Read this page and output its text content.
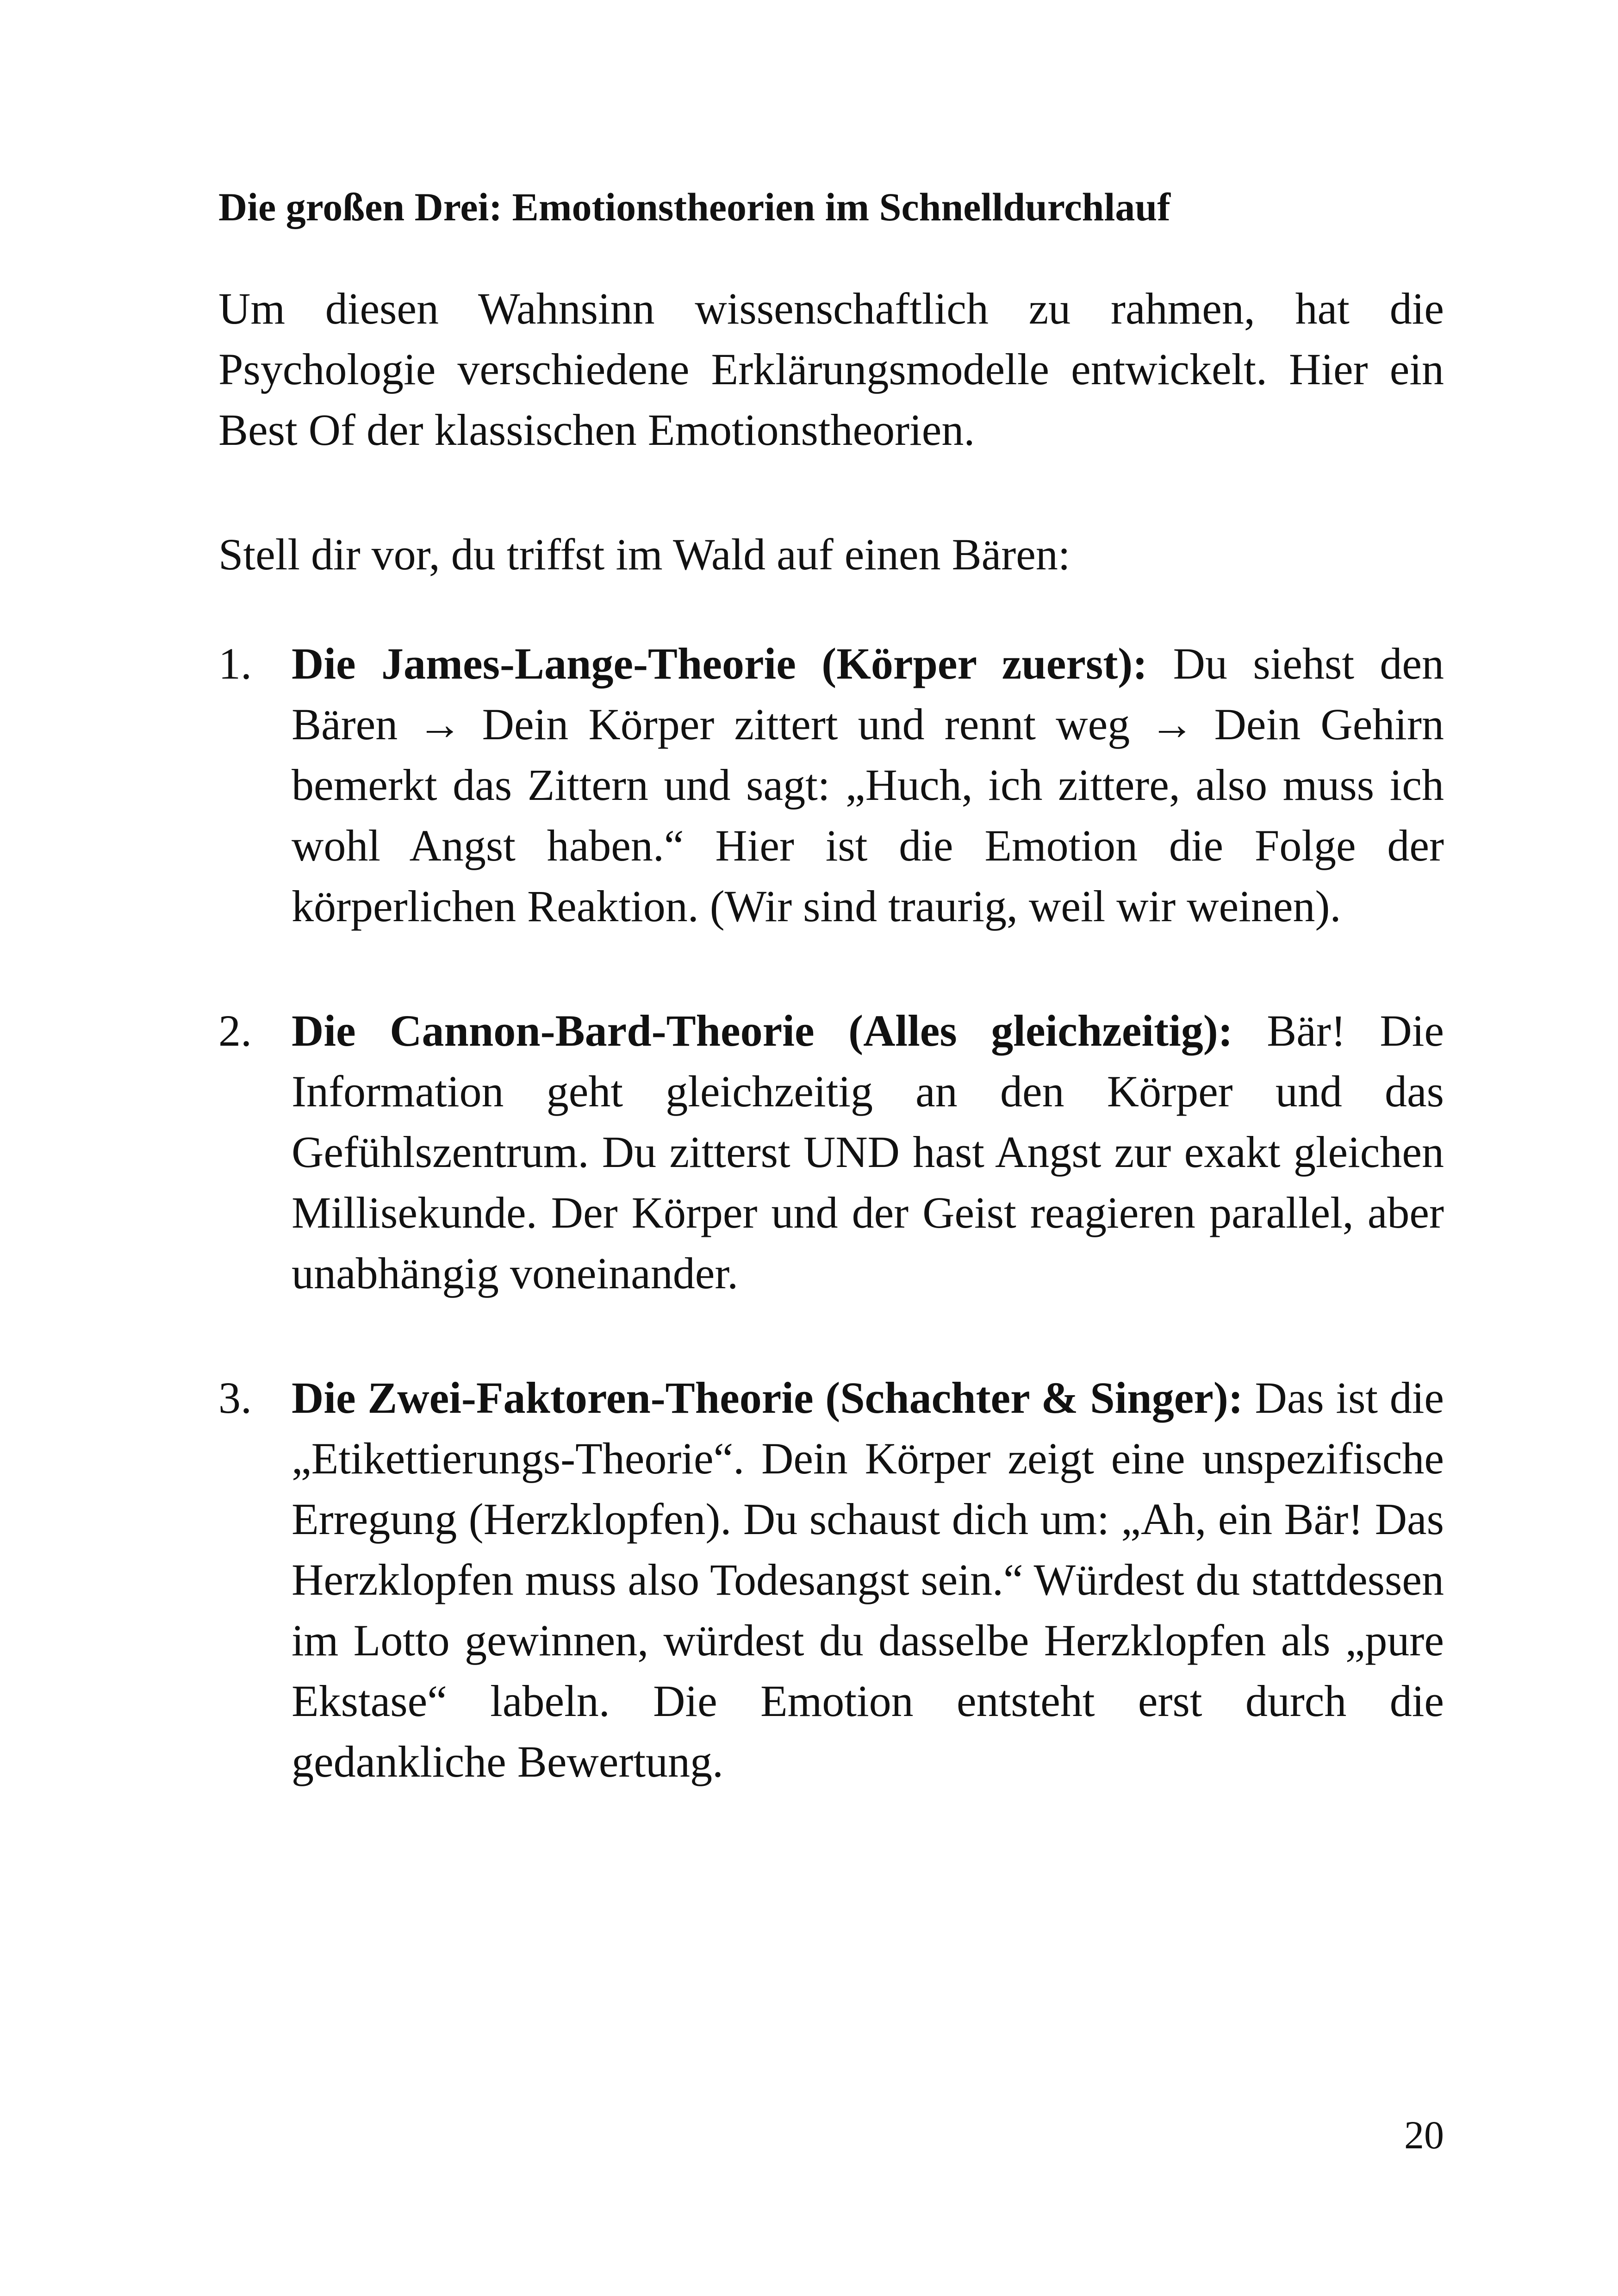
Die großen Drei: Emotionstheorien im Schnelldurchlauf

Um diesen Wahnsinn wissenschaftlich zu rahmen, hat die Psychologie verschiedene Erklärungsmodelle entwickelt. Hier ein Best Of der klassischen Emotionstheorien.

Stell dir vor, du triffst im Wald auf einen Bären:

1. Die James-Lange-Theorie (Körper zuerst): Du siehst den Bären → Dein Körper zittert und rennt weg → Dein Gehirn bemerkt das Zittern und sagt: „Huch, ich zittere, also muss ich wohl Angst haben.“ Hier ist die Emotion die Folge der körperlichen Reaktion. (Wir sind traurig, weil wir weinen).
2. Die Cannon-Bard-Theorie (Alles gleichzeitig): Bär! Die Information geht gleichzeitig an den Körper und das Gefühlszentrum. Du zitterst UND hast Angst zur exakt gleichen Millisekunde. Der Körper und der Geist reagieren parallel, aber unabhängig voneinander.
3. Die Zwei-Faktoren-Theorie (Schachter & Singer): Das ist die „Etikettierungs-Theorie“. Dein Körper zeigt eine unspezifische Erregung (Herzklopfen). Du schaust dich um: „Ah, ein Bär! Das Herzklopfen muss also Todesangst sein.“ Würdest du stattdessen im Lotto gewinnen, würdest du dasselbe Herzklopfen als „pure Ekstase“ labeln. Die Emotion entsteht erst durch die gedankliche Bewertung.
20
